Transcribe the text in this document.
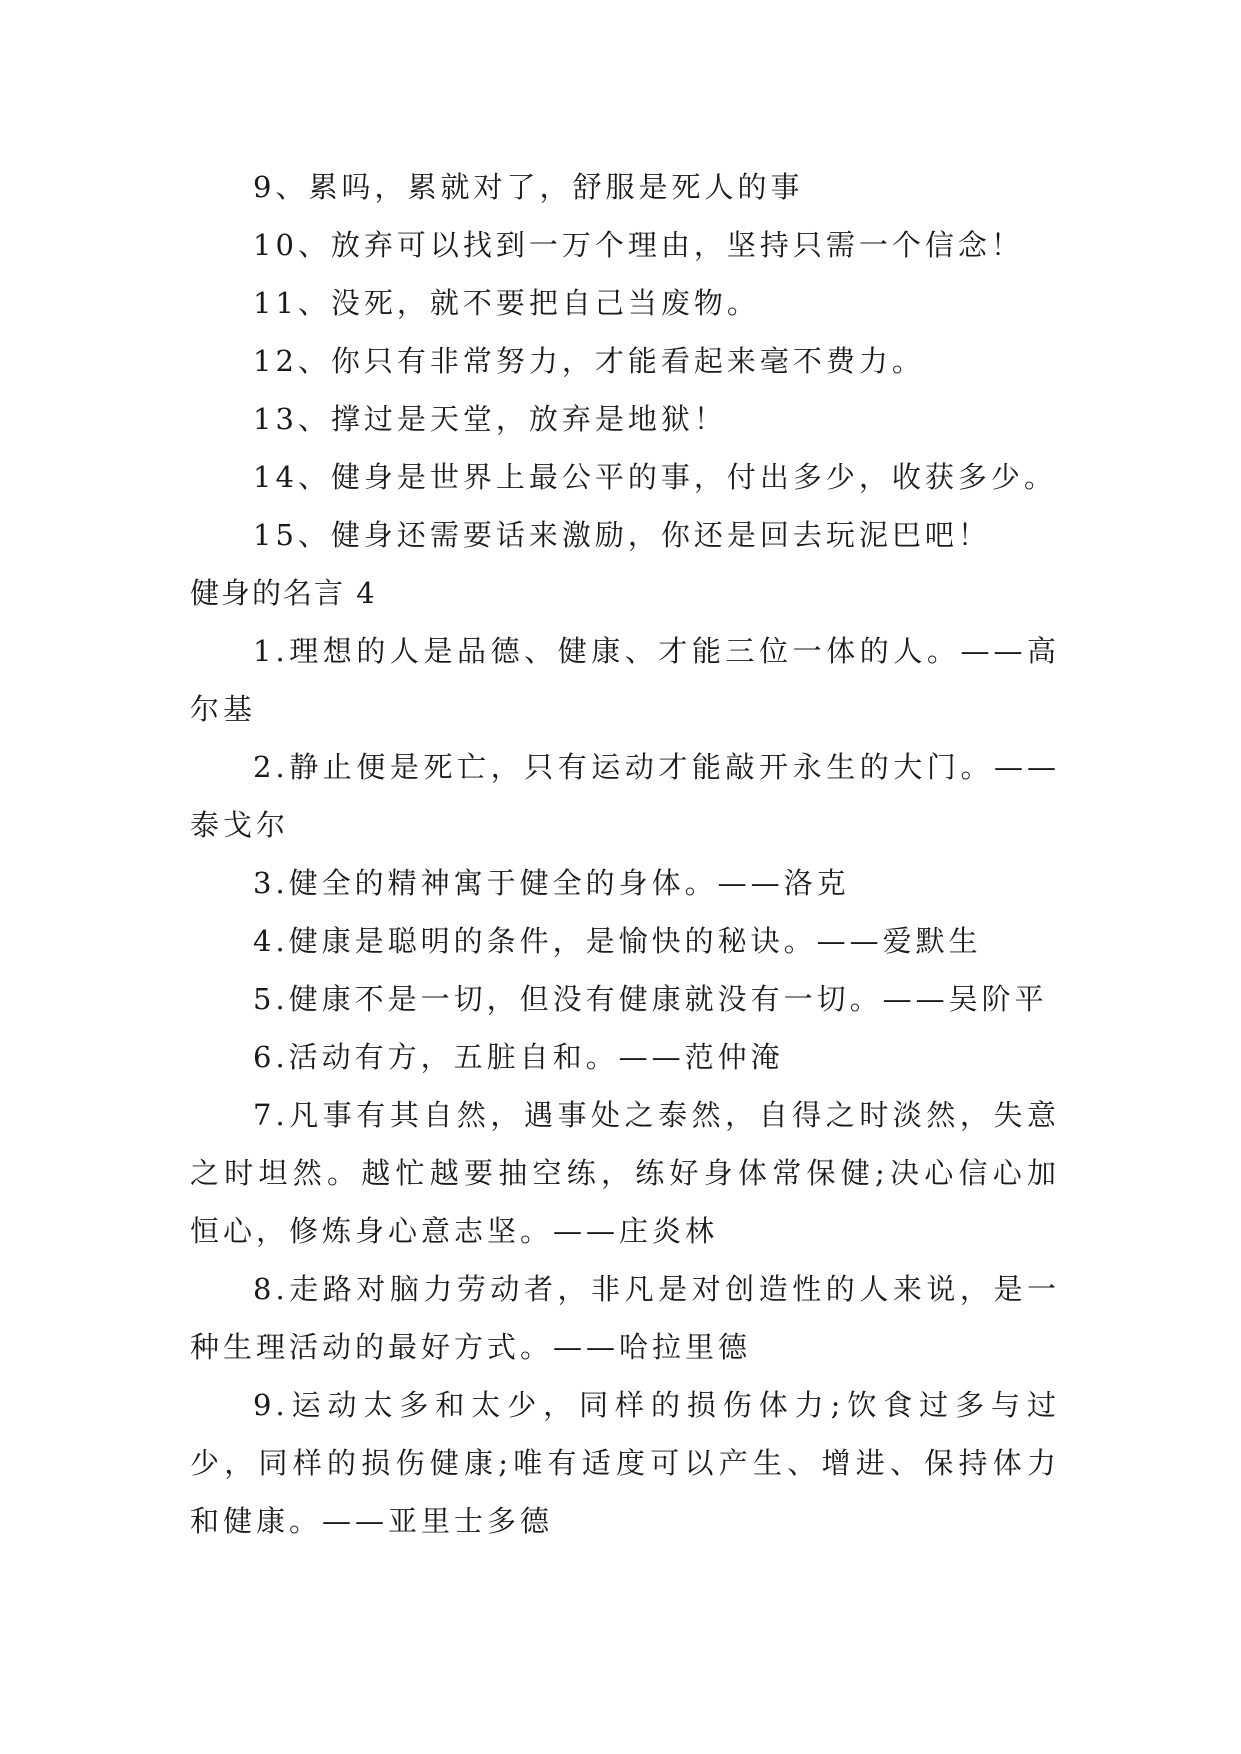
9、累吗，累就对了，舒服是死人的事
10、放弃可以找到一万个理由，坚持只需一个信念！
11、没死，就不要把自己当废物。
12、你只有非常努力，才能看起来毫不费力。
13、撑过是天堂，放弃是地狱！
14、健身是世界上最公平的事，付出多少，收获多少。
15、健身还需要话来激励，你还是回去玩泥巴吧！
健身的名言 4

1.理想的人是品德、健康、才能三位一体的人。——高尔基

2.静止便是死亡，只有运动才能敲开永生的大门。——泰戈尔

3.健全的精神寓于健全的身体。——洛克

4.健康是聪明的条件，是愉快的秘诀。——爱默生

5.健康不是一切，但没有健康就没有一切。——吴阶平

6.活动有方，五脏自和。——范仲淹

7.凡事有其自然，遇事处之泰然，自得之时淡然，失意之时坦然。越忙越要抽空练，练好身体常保健;决心信心加恒心，修炼身心意志坚。——庄炎林

8.走路对脑力劳动者，非凡是对创造性的人来说，是一种生理活动的最好方式。——哈拉里德

9.运动太多和太少，同样的损伤体力;饮食过多与过少，同样的损伤健康;唯有适度可以产生、增进、保持体力和健康。——亚里士多德
